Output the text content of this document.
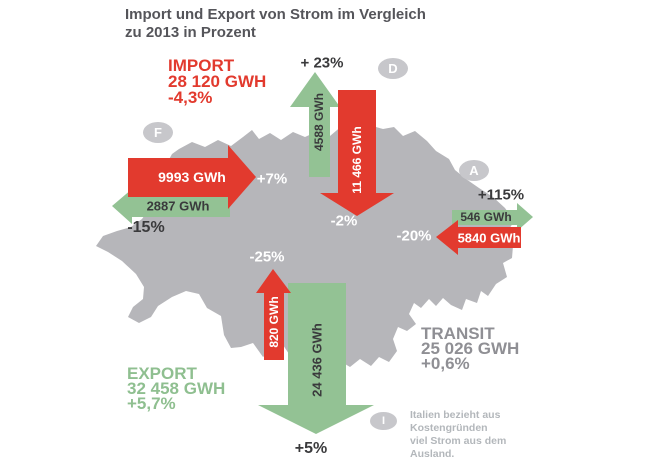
Import und Export von Strom im Vergleich
zu 2013 in Prozent
IMPORT
28 120 GWH
-4,3%
EXPORT
32 458 GWH
+5,7%
TRANSIT
25 026 GWH
+0,6%
D
F
A
I
+ 23%
4588 GWh
11 466 GWh
-2%
9993 GWh +7%
2887 GWh
-15%
+115%
546 GWh
5840 GWh
-20%
-25%
820 GWh
24 436 GWh
+5%
Italien bezieht aus
Kostengründen
viel Strom aus dem
Ausland.
